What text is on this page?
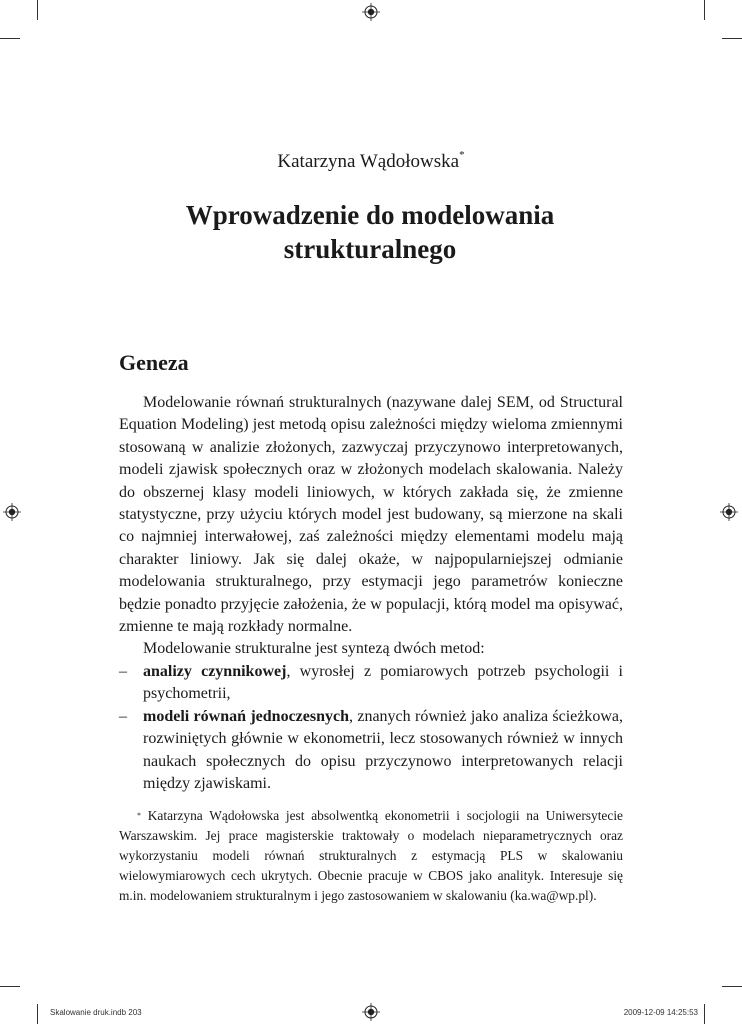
Katarzyna Wądołowska*
Wprowadzenie do modelowania strukturalnego
Geneza

Modelowanie równań strukturalnych (nazywane dalej SEM, od Structural Equation Modeling) jest metodą opisu zależności między wieloma zmiennymi stosowaną w analizie złożonych, zazwyczaj przyczynowo interpretowanych, modeli zjawisk społecznych oraz w złożonych modelach skalowania. Należy do obszernej klasy modeli liniowych, w których zakłada się, że zmienne statystyczne, przy użyciu których model jest budowany, są mierzone na skali co najmniej interwałowej, zaś zależności między elementami modelu mają charakter liniowy. Jak się dalej okaże, w najpopularniejszej odmianie modelowania strukturalnego, przy estymacji jego parametrów konieczne będzie ponadto przyjęcie założenia, że w populacji, którą model ma opisywać, zmienne te mają rozkłady normalne.

Modelowanie strukturalne jest syntezą dwóch metod:

– analizy czynnikowej, wyrosłej z pomiarowych potrzeb psychologii i psychometrii,
– modeli równań jednoczesnych, znanych również jako analiza ścieżkowa, rozwiniętych głównie w ekonometrii, lecz stosowanych również w innych naukach społecznych do opisu przyczynowo interpretowanych relacji między zjawiskami.

* Katarzyna Wądołowska jest absolwentką ekonometrii i socjologii na Uniwersytecie Warszawskim. Jej prace magisterskie traktowały o modelach nieparametrycznych oraz wykorzystaniu modeli równań strukturalnych z estymacją PLS w skalowaniu wielowymiarowych cech ukrytych. Obecnie pracuje w CBOS jako analityk. Interesuje się m.in. modelowaniem strukturalnym i jego zastosowaniem w skalowaniu (ka.wa@wp.pl).

Skalowanie druk.indb 203	2009-12-09 14:25:53
